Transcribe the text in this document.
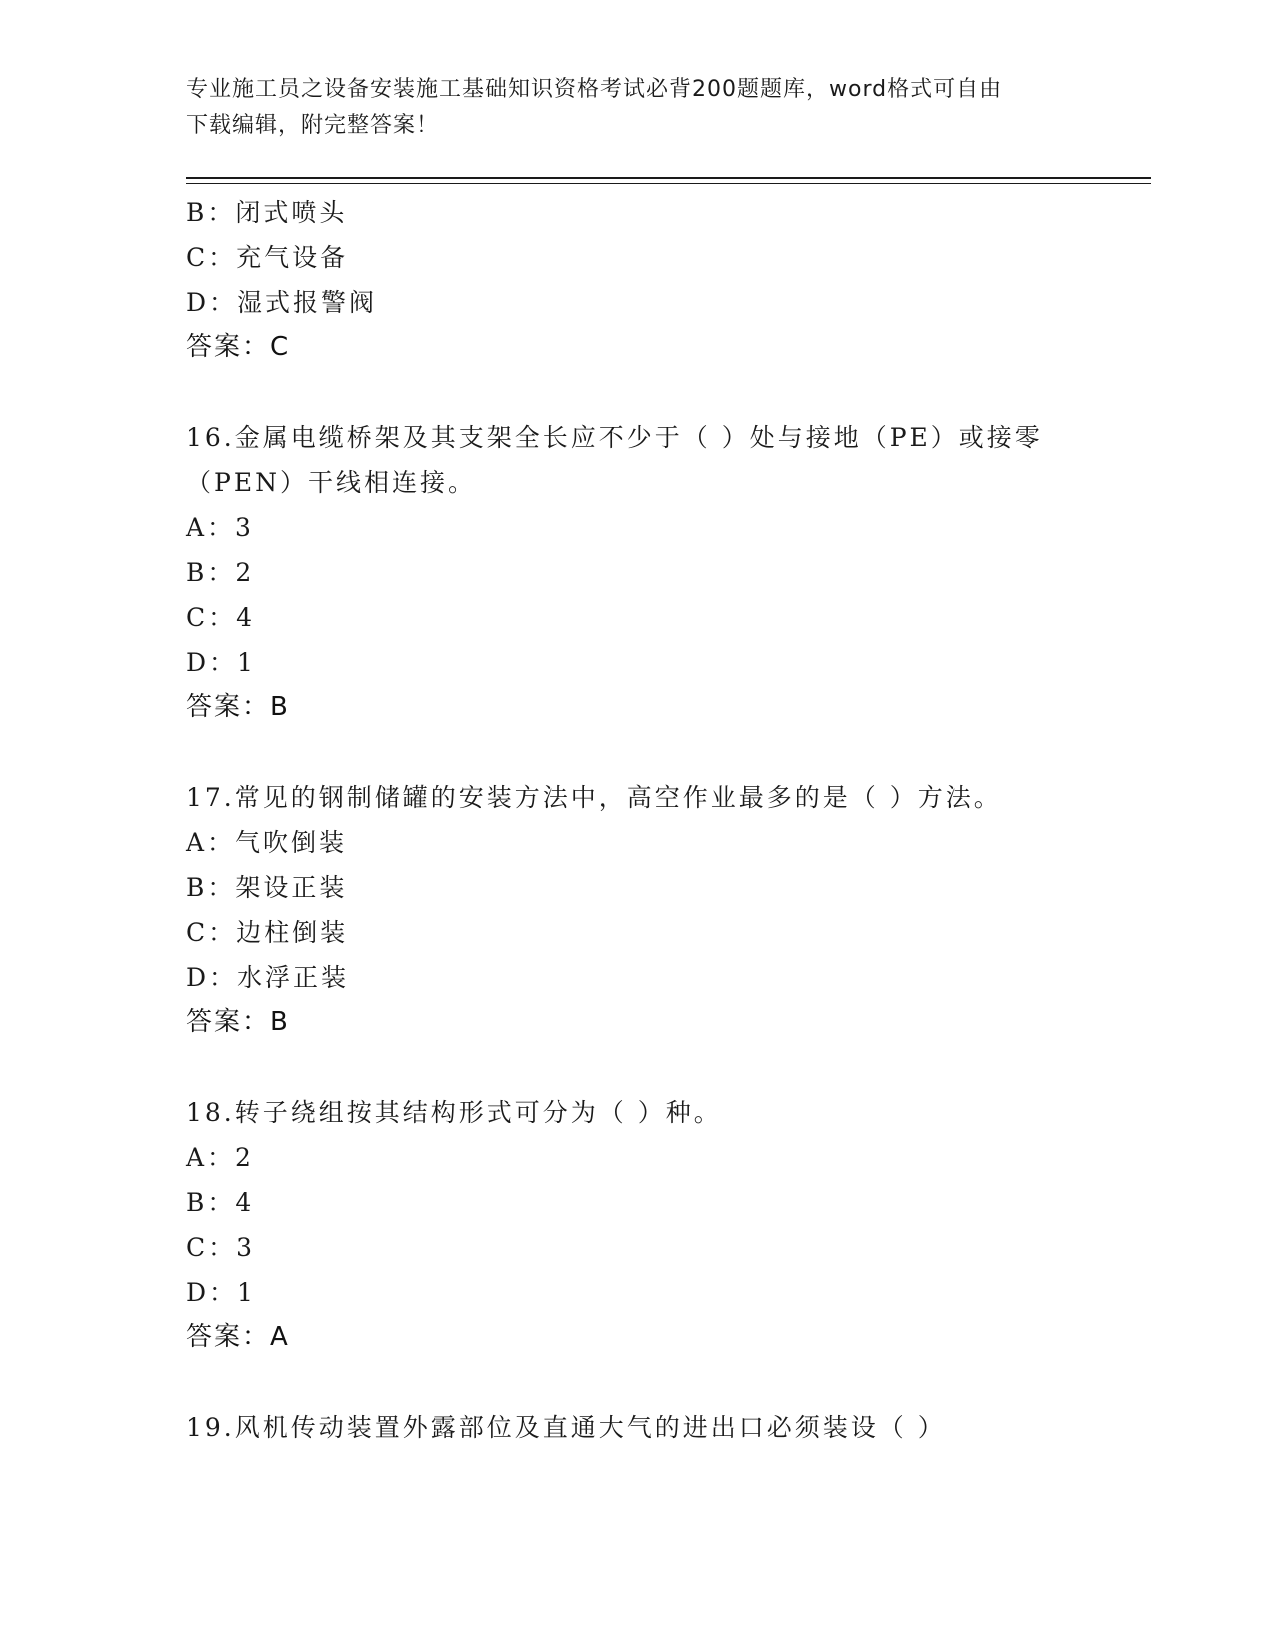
专业施工员之设备安装施工基础知识资格考试必背200题题库，word格式可自由
下载编辑，附完整答案！
B：闭式喷头
C：充气设备
D：湿式报警阀
答案：C
16.金属电缆桥架及其支架全长应不少于（ ）处与接地（PE）或接零
（PEN）干线相连接。
A：3
B：2
C：4
D：1
答案：B
17.常见的钢制储罐的安装方法中，高空作业最多的是（ ）方法。
A：气吹倒装
B：架设正装
C：边柱倒装
D：水浮正装
答案：B
18.转子绕组按其结构形式可分为（ ）种。
A：2
B：4
C：3
D：1
答案：A
19.风机传动装置外露部位及直通大气的进出口必须装设（ ）
